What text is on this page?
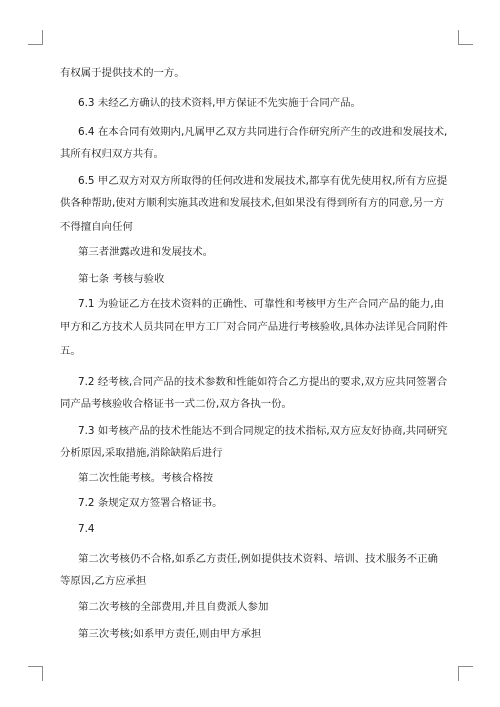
有权属于提供技术的一方。
6.3 未经乙方确认的技术资料,甲方保证不先实施于合同产品。
6.4 在本合同有效期内,凡属甲乙双方共同进行合作研究所产生的改进和发展技术,
其所有权归双方共有。
6.5 甲乙双方对双方所取得的任何改进和发展技术,都享有优先使用权,所有方应提
供各种帮助,使对方顺利实施其改进和发展技术,但如果没有得到所有方的同意,另一方
不得擅自向任何
第三者泄露改进和发展技术。
第七条 考核与验收
7.1 为验证乙方在技术资料的正确性、可靠性和考核甲方生产合同产品的能力,由
甲方和乙方技术人员共同在甲方工厂对合同产品进行考核验收,具体办法详见合同附件
五。
7.2 经考核,合同产品的技术参数和性能如符合乙方提出的要求,双方应共同签署合
同产品考核验收合格证书一式二份,双方各执一份。
7.3 如考核产品的技术性能达不到合同规定的技术指标,双方应友好协商,共同研究
分析原因,采取措施,消除缺陷后进行
第二次性能考核。考核合格按
7.2 条规定双方签署合格证书。
7.4
第二次考核仍不合格,如系乙方责任,例如提供技术资料、培训、技术服务不正确
等原因,乙方应承担
第二次考核的全部费用,并且自费派人参加
第三次考核;如系甲方责任,则由甲方承担
